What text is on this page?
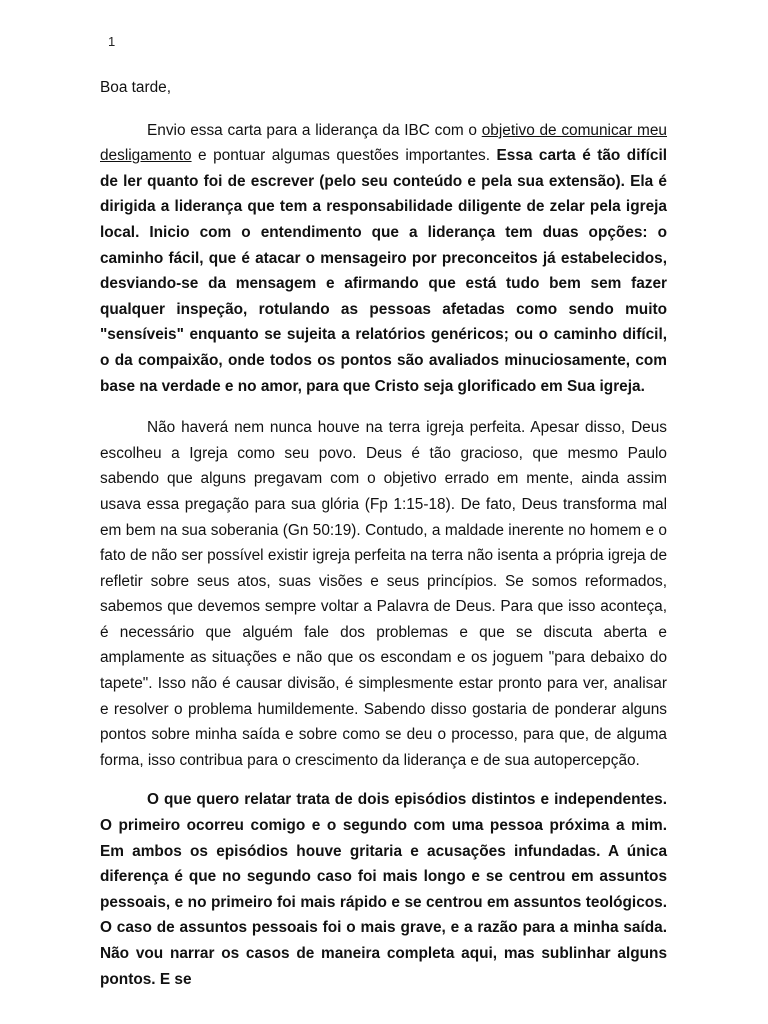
1

Boa tarde,

Envio essa carta para a liderança da IBC com o objetivo de comunicar meu desligamento e pontuar algumas questões importantes. Essa carta é tão difícil de ler quanto foi de escrever (pelo seu conteúdo e pela sua extensão). Ela é dirigida a liderança que tem a responsabilidade diligente de zelar pela igreja local. Inicio com o entendimento que a liderança tem duas opções: o caminho fácil, que é atacar o mensageiro por preconceitos já estabelecidos, desviando-se da mensagem e afirmando que está tudo bem sem fazer qualquer inspeção, rotulando as pessoas afetadas como sendo muito "sensíveis" enquanto se sujeita a relatórios genéricos; ou o caminho difícil, o da compaixão, onde todos os pontos são avaliados minuciosamente, com base na verdade e no amor, para que Cristo seja glorificado em Sua igreja.

Não haverá nem nunca houve na terra igreja perfeita. Apesar disso, Deus escolheu a Igreja como seu povo. Deus é tão gracioso, que mesmo Paulo sabendo que alguns pregavam com o objetivo errado em mente, ainda assim usava essa pregação para sua glória (Fp 1:15-18). De fato, Deus transforma mal em bem na sua soberania (Gn 50:19). Contudo, a maldade inerente no homem e o fato de não ser possível existir igreja perfeita na terra não isenta a própria igreja de refletir sobre seus atos, suas visões e seus princípios. Se somos reformados, sabemos que devemos sempre voltar a Palavra de Deus. Para que isso aconteça, é necessário que alguém fale dos problemas e que se discuta aberta e amplamente as situações e não que os escondam e os joguem "para debaixo do tapete". Isso não é causar divisão, é simplesmente estar pronto para ver, analisar e resolver o problema humildemente. Sabendo disso gostaria de ponderar alguns pontos sobre minha saída e sobre como se deu o processo, para que, de alguma forma, isso contribua para o crescimento da liderança e de sua autopercepção.

O que quero relatar trata de dois episódios distintos e independentes. O primeiro ocorreu comigo e o segundo com uma pessoa próxima a mim. Em ambos os episódios houve gritaria e acusações infundadas. A única diferença é que no segundo caso foi mais longo e se centrou em assuntos pessoais, e no primeiro foi mais rápido e se centrou em assuntos teológicos. O caso de assuntos pessoais foi o mais grave, e a razão para a minha saída. Não vou narrar os casos de maneira completa aqui, mas sublinhar alguns pontos. E se
